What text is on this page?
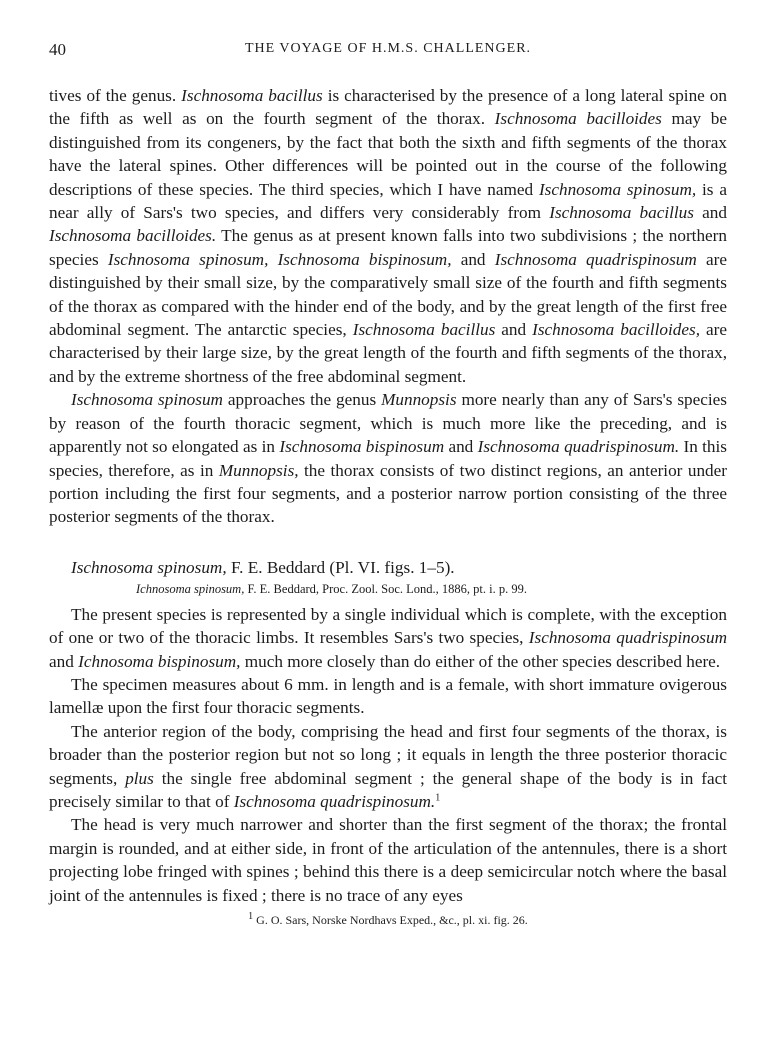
40	THE VOYAGE OF H.M.S. CHALLENGER.

tives of the genus. Ischnosoma bacillus is characterised by the presence of a long lateral spine on the fifth as well as on the fourth segment of the thorax. Ischnosoma bacilloides may be distinguished from its congeners, by the fact that both the sixth and fifth segments of the thorax have the lateral spines. Other differences will be pointed out in the course of the following descriptions of these species. The third species, which I have named Ischnosoma spinosum, is a near ally of Sars's two species, and differs very considerably from Ischnosoma bacillus and Ischnosoma bacilloides. The genus as at present known falls into two subdivisions ; the northern species Ischnosoma spinosum, Ischnosoma bispinosum, and Ischnosoma quadrispinosum are distinguished by their small size, by the comparatively small size of the fourth and fifth segments of the thorax as compared with the hinder end of the body, and by the great length of the first free abdominal segment. The antarctic species, Ischnosoma bacillus and Ischnosoma bacilloides, are characterised by their large size, by the great length of the fourth and fifth segments of the thorax, and by the extreme shortness of the free abdominal segment.

Ischnosoma spinosum approaches the genus Munnopsis more nearly than any of Sars's species by reason of the fourth thoracic segment, which is much more like the preceding, and is apparently not so elongated as in Ischnosoma bispinosum and Ischnosoma quadrispinosum. In this species, therefore, as in Munnopsis, the thorax consists of two distinct regions, an anterior under portion including the first four segments, and a posterior narrow portion consisting of the three posterior segments of the thorax.

Ischnosoma spinosum, F. E. Beddard (Pl. VI. figs. 1–5).
Ichnosoma spinosum, F. E. Beddard, Proc. Zool. Soc. Lond., 1886, pt. i. p. 99.

The present species is represented by a single individual which is complete, with the exception of one or two of the thoracic limbs. It resembles Sars's two species, Ischnosoma quadrispinosum and Ichnosoma bispinosum, much more closely than do either of the other species described here.

The specimen measures about 6 mm. in length and is a female, with short immature ovigerous lamellæ upon the first four thoracic segments.

The anterior region of the body, comprising the head and first four segments of the thorax, is broader than the posterior region but not so long ; it equals in length the three posterior thoracic segments, plus the single free abdominal segment ; the general shape of the body is in fact precisely similar to that of Ischnosoma quadrispinosum.$^1$

The head is very much narrower and shorter than the first segment of the thorax; the frontal margin is rounded, and at either side, in front of the articulation of the antennules, there is a short projecting lobe fringed with spines ; behind this there is a deep semicircular notch where the basal joint of the antennules is fixed ; there is no trace of any eyes

$^1$ G. O. Sars, Norske Nordhavs Exped., &c., pl. xi. fig. 26.
